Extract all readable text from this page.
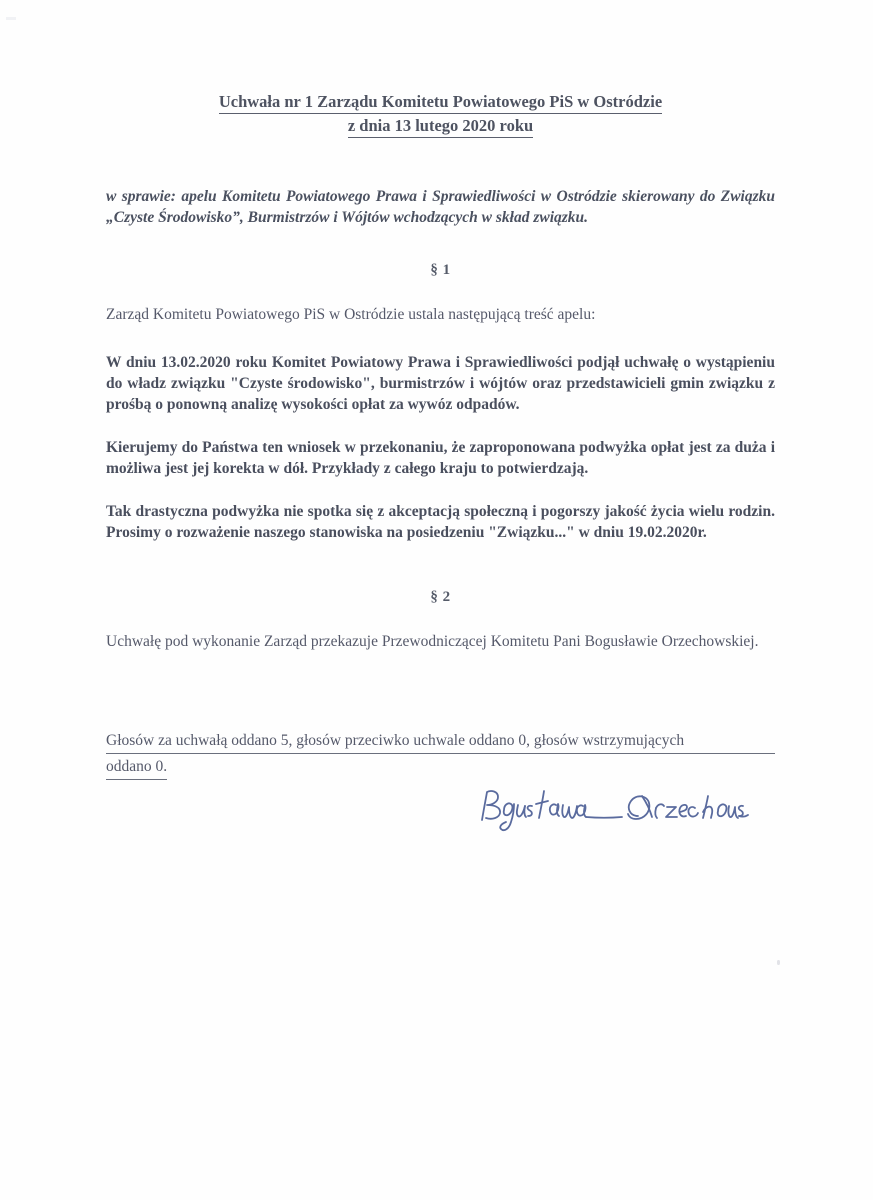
Uchwała nr 1 Zarządu Komitetu Powiatowego PiS w Ostródzie
z dnia 13 lutego 2020 roku
w sprawie: apelu Komitetu Powiatowego Prawa i Sprawiedliwości w Ostródzie skierowany do Związku „Czyste Środowisko”, Burmistrzów i Wójtów wchodzących w skład związku.
§ 1
Zarząd Komitetu Powiatowego PiS w Ostródzie ustala następującą treść apelu:
W dniu 13.02.2020 roku Komitet Powiatowy Prawa i Sprawiedliwości podjął uchwałę o wystąpieniu do władz związku "Czyste środowisko", burmistrzów i wójtów oraz przedstawicieli gmin związku z prośbą o ponowną analizę wysokości opłat za wywóz odpadów.
Kierujemy do Państwa ten wniosek w przekonaniu, że zaproponowana podwyżka opłat jest za duża i możliwa jest jej korekta w dół. Przykłady z całego kraju to potwierdzają.
Tak drastyczna podwyżka nie spotka się z akceptacją społeczną i pogorszy jakość życia wielu rodzin. Prosimy o rozważenie naszego stanowiska na posiedzeniu "Związku..." w dniu 19.02.2020r.
§ 2
Uchwałę pod wykonanie Zarząd przekazuje Przewodniczącej Komitetu Pani Bogusławie Orzechowskiej.
Głosów za uchwałą oddano 5, głosów przeciwko uchwale oddano 0, głosów wstrzymujących
oddano 0.
